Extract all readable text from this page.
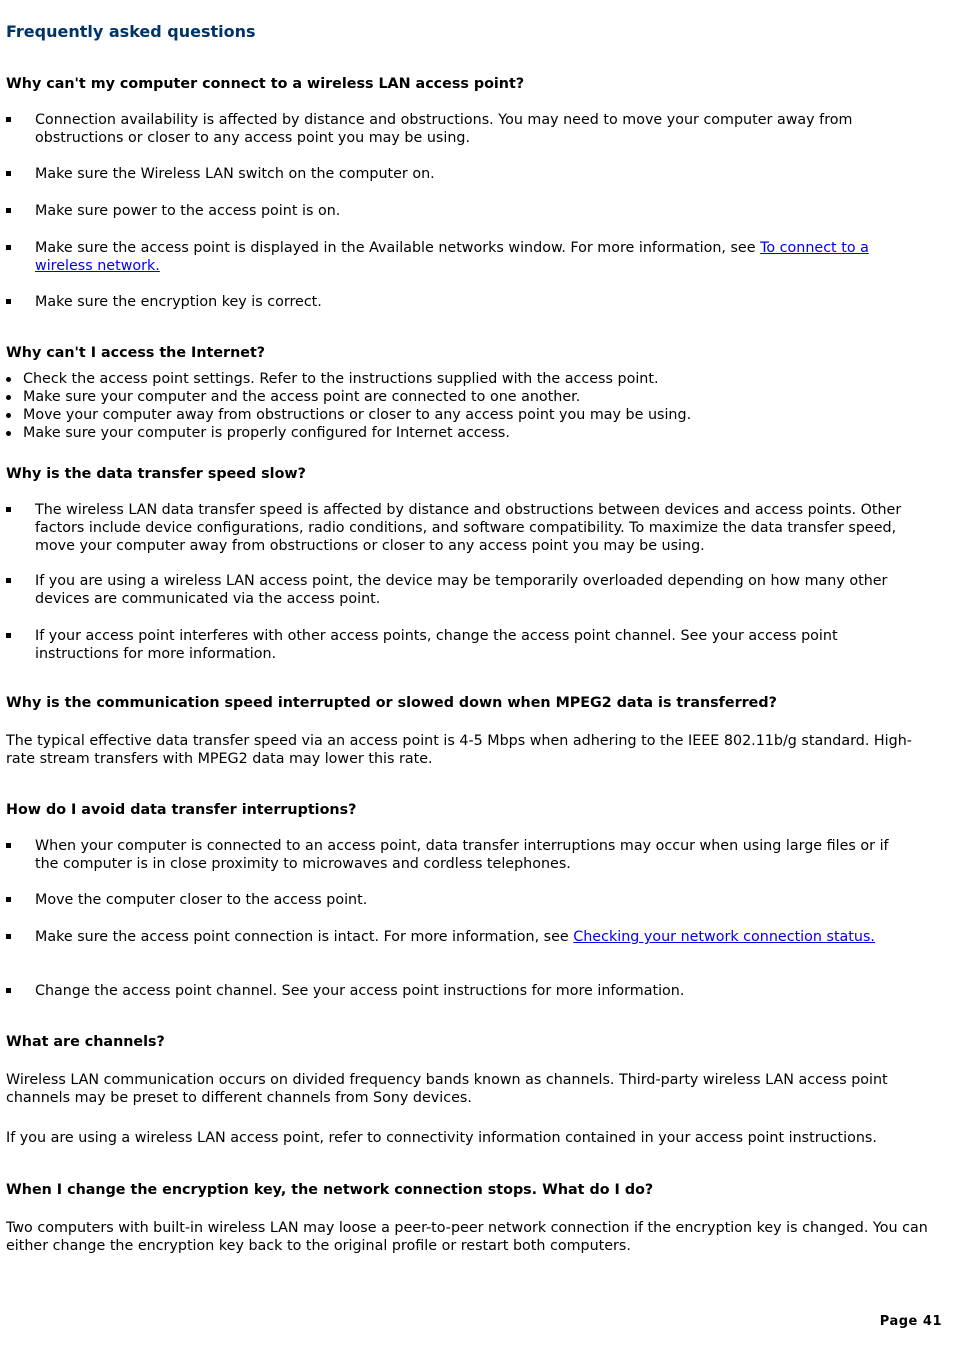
Frequently asked questions
Why can't my computer connect to a wireless LAN access point?
Connection availability is affected by distance and obstructions. You may need to move your computer away from obstructions or closer to any access point you may be using.
Make sure the Wireless LAN switch on the computer on.
Make sure power to the access point is on.
Make sure the access point is displayed in the Available networks window. For more information, see To connect to a wireless network.
Make sure the encryption key is correct.
Why can't I access the Internet?
Check the access point settings. Refer to the instructions supplied with the access point.
Make sure your computer and the access point are connected to one another.
Move your computer away from obstructions or closer to any access point you may be using.
Make sure your computer is properly configured for Internet access.
Why is the data transfer speed slow?
The wireless LAN data transfer speed is affected by distance and obstructions between devices and access points. Other factors include device configurations, radio conditions, and software compatibility. To maximize the data transfer speed, move your computer away from obstructions or closer to any access point you may be using.
If you are using a wireless LAN access point, the device may be temporarily overloaded depending on how many other devices are communicated via the access point.
If your access point interferes with other access points, change the access point channel. See your access point instructions for more information.
Why is the communication speed interrupted or slowed down when MPEG2 data is transferred?

The typical effective data transfer speed via an access point is 4-5 Mbps when adhering to the IEEE 802.11b/g standard. High-rate stream transfers with MPEG2 data may lower this rate.

How do I avoid data transfer interruptions?
When your computer is connected to an access point, data transfer interruptions may occur when using large files or if the computer is in close proximity to microwaves and cordless telephones.
Move the computer closer to the access point.
Make sure the access point connection is intact. For more information, see Checking your network connection status.
Change the access point channel. See your access point instructions for more information.
What are channels?

Wireless LAN communication occurs on divided frequency bands known as channels. Third-party wireless LAN access point channels may be preset to different channels from Sony devices.

If you are using a wireless LAN access point, refer to connectivity information contained in your access point instructions.

When I change the encryption key, the network connection stops. What do I do?

Two computers with built-in wireless LAN may loose a peer-to-peer network connection if the encryption key is changed. You can either change the encryption key back to the original profile or restart both computers.

Page 41
